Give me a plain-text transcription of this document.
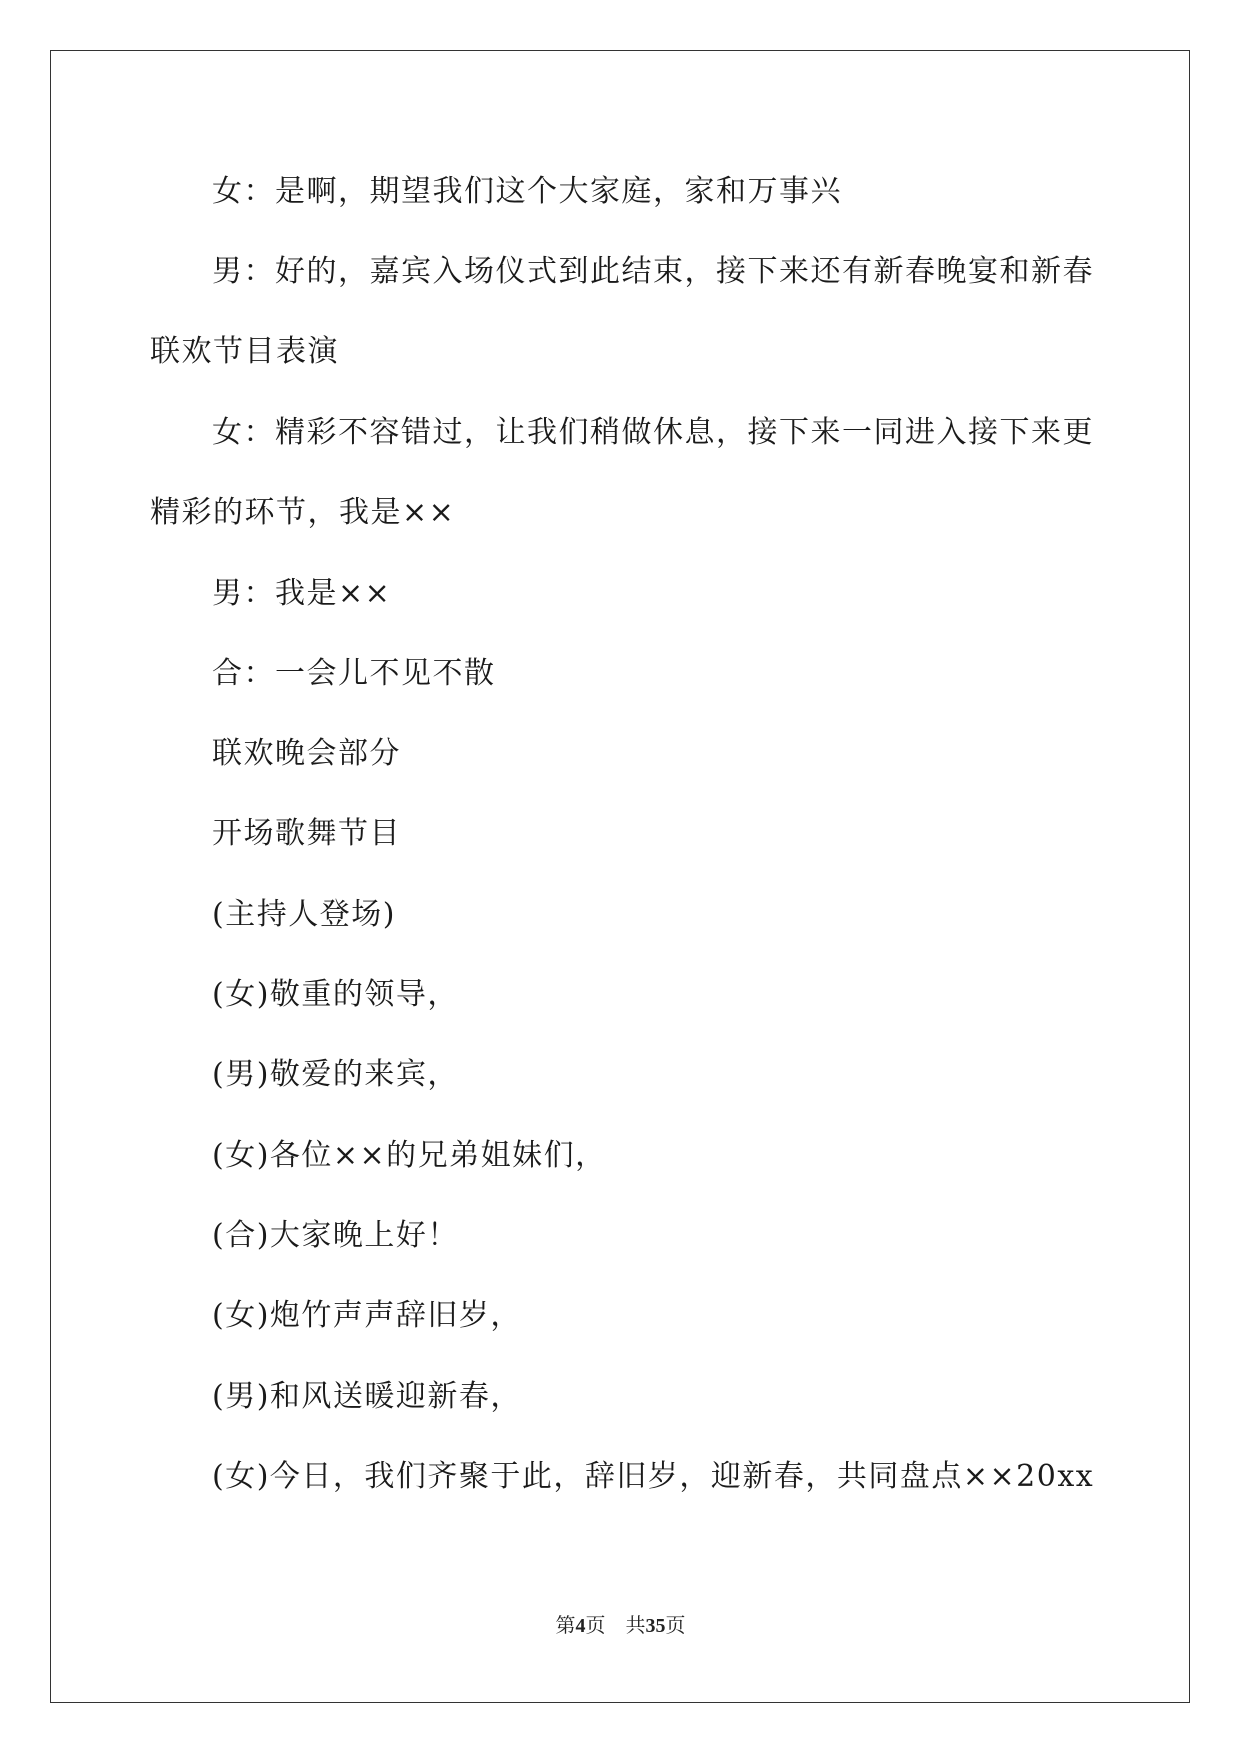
女：是啊，期望我们这个大家庭，家和万事兴
男：好的，嘉宾入场仪式到此结束，接下来还有新春晚宴和新春
联欢节目表演
女：精彩不容错过，让我们稍做休息，接下来一同进入接下来更
精彩的环节，我是××
男：我是××
合：一会儿不见不散
联欢晚会部分
开场歌舞节目
(主持人登场)
(女)敬重的领导，
(男)敬爱的来宾，
(女)各位××的兄弟姐妹们，
(合)大家晚上好！
(女)炮竹声声辞旧岁，
(男)和风送暖迎新春，
(女)今日，我们齐聚于此，辞旧岁，迎新春，共同盘点××20xx
第4页　共35页
